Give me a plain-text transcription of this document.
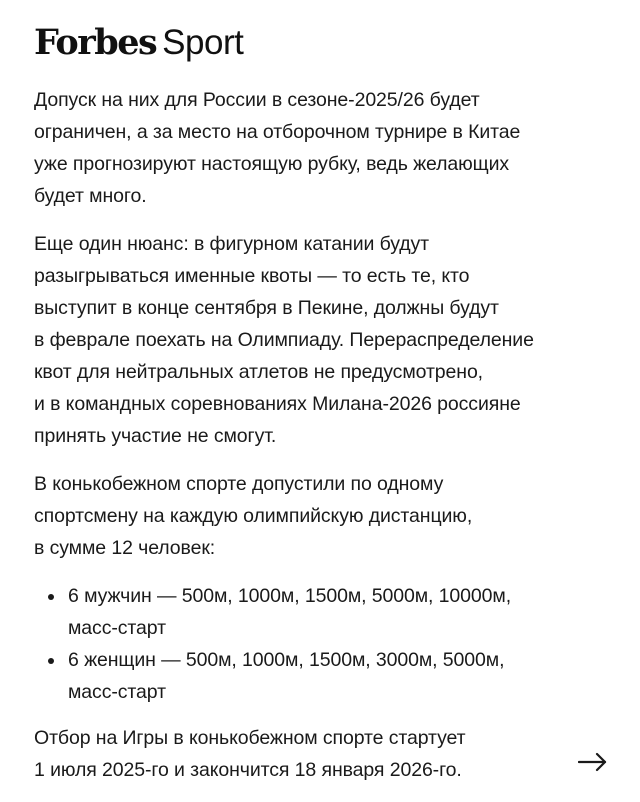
Forbes Sport

Допуск на них для России в сезоне-2025/26 будет
ограничен, а за место на отборочном турнире в Китае
уже прогнозируют настоящую рубку, ведь желающих
будет много.

Еще один нюанс: в фигурном катании будут
разыгрываться именные квоты — то есть те, кто
выступит в конце сентября в Пекине, должны будут
в феврале поехать на Олимпиаду. Перераспределение
квот для нейтральных атлетов не предусмотрено,
и в командных соревнованиях Милана-2026 россияне
принять участие не смогут.

В конькобежном спорте допустили по одному
спортсмену на каждую олимпийскую дистанцию,
в сумме 12 человек:

6 мужчин — 500м, 1000м, 1500м, 5000м, 10000м,
масс-старт
6 женщин — 500м, 1000м, 1500м, 3000м, 5000м,
масс-старт

Отбор на Игры в конькобежном спорте стартует
1 июля 2025-го и закончится 18 января 2026-го.
